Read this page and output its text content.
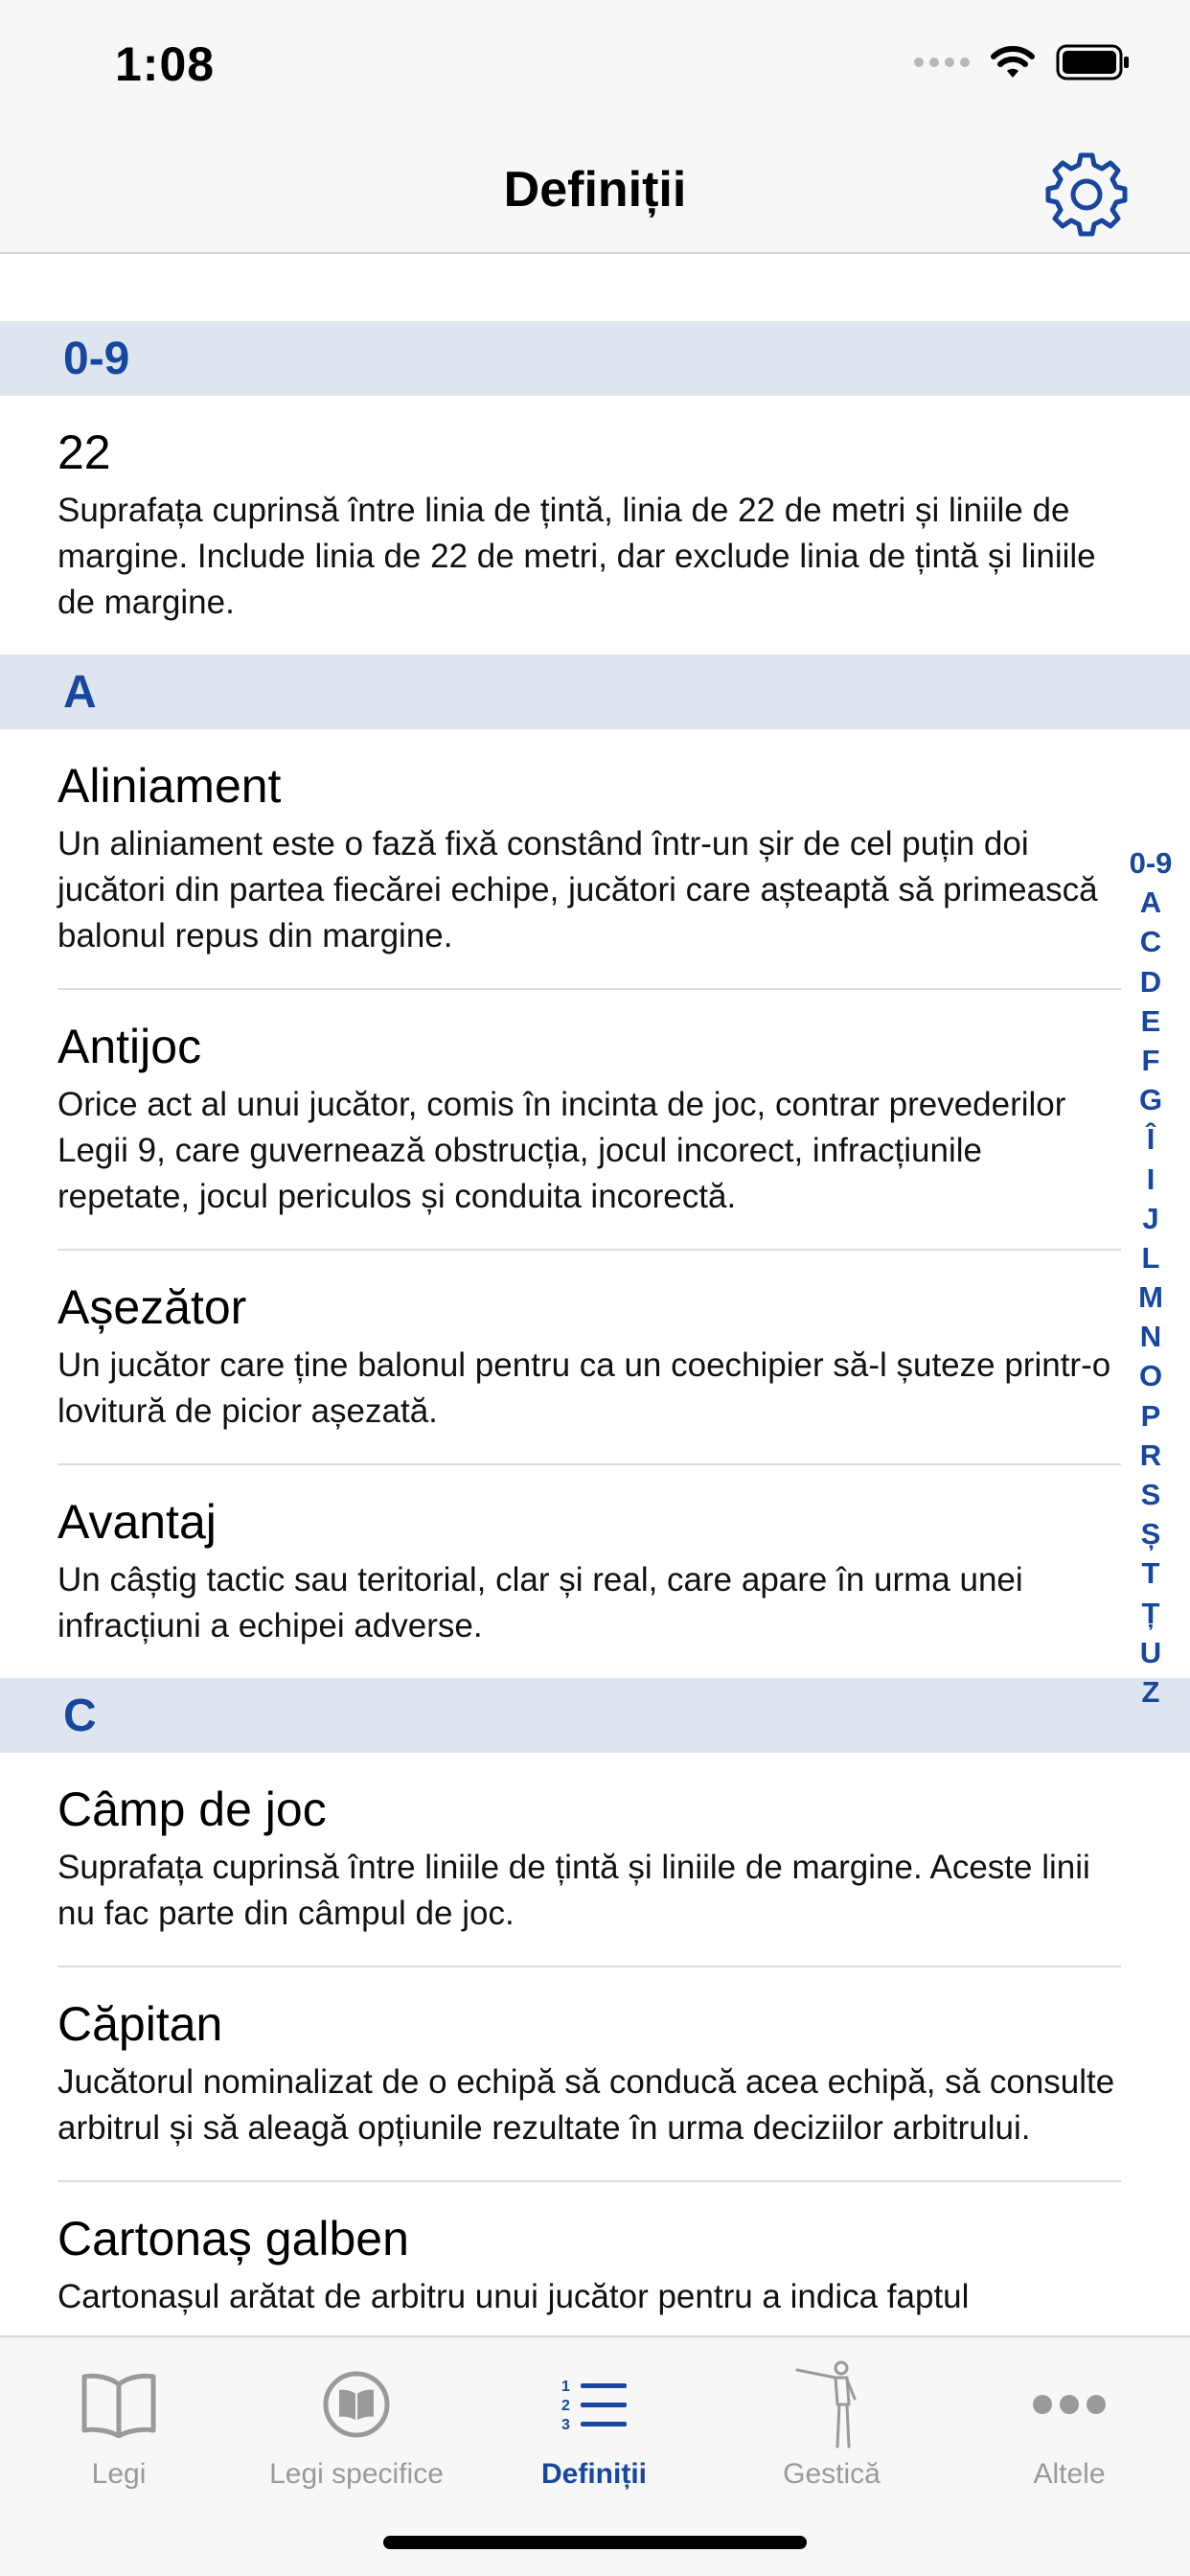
1:08
Definiții
0-9
22
Suprafața cuprinsă între linia de țintă, linia de 22 de metri și liniile de margine. Include linia de 22 de metri, dar exclude linia de țintă și liniile de margine.
A
Aliniament
Un aliniament este o fază fixă constând într-un șir de cel puțin doi jucători din partea fiecărei echipe, jucători care așteaptă să primească balonul repus din margine.
Antijoc
Orice act al unui jucător, comis în incinta de joc, contrar prevederilor Legii 9, care guvernează obstrucția, jocul incorect, infracțiunile repetate, jocul periculos și conduita incorectă.
Așezător
Un jucător care ține balonul pentru ca un coechipier să-l șuteze printr-o lovitură de picior așezată.
Avantaj
Un câștig tactic sau teritorial, clar și real, care apare în urma unei infracțiuni a echipei adverse.
C
Câmp de joc
Suprafața cuprinsă între liniile de țintă și liniile de margine. Aceste linii nu fac parte din câmpul de joc.
Căpitan
Jucătorul nominalizat de o echipă să conducă acea echipă, să consulte arbitrul și să aleagă opțiunile rezultate în urma deciziilor arbitrului.
Cartonaș galben
Cartonașul arătat de arbitru unui jucător pentru a indica faptul
0-9
A
C
D
E
F
G
Î
I
J
L
M
N
O
P
R
S
Ș
T
Ț
U
Z
Legi	Legi specifice
1
2
3
Definiții	Gestică	Altele
